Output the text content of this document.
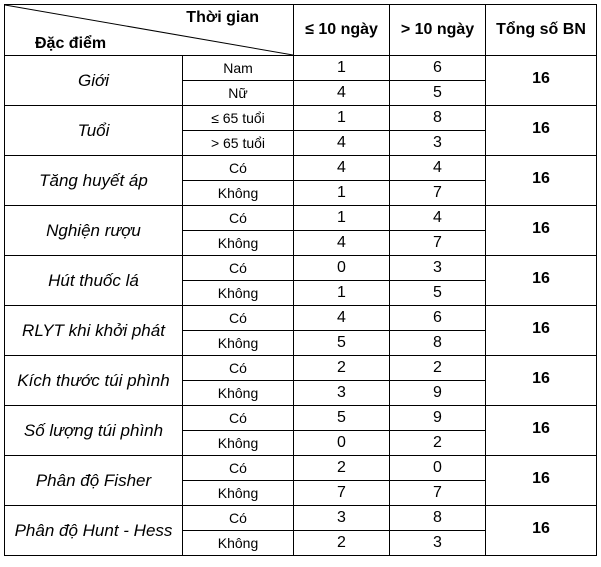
Thời gian
Đặc điểm		≤ 10 ngày	> 10 ngày	Tổng số BN
Giới	Nam	1	6	16
	Nữ	4	5	
Tuổi	≤ 65 tuổi	1	8	16
	> 65 tuổi	4	3	
Tăng huyết áp	Có	4	4	16
	Không	1	7	
Nghiện rượu	Có	1	4	16
	Không	4	7	
Hút thuốc lá	Có	0	3	16
	Không	1	5	
RLYT khi khởi phát	Có	4	6	16
	Không	5	8	
Kích thước túi phình	Có	2	2	16
	Không	3	9	
Số lượng túi phình	Có	5	9	16
	Không	0	2	
Phân độ Fisher	Có	2	0	16
	Không	7	7	
Phân độ Hunt - Hess	Có	3	8	16
	Không	2	3	
